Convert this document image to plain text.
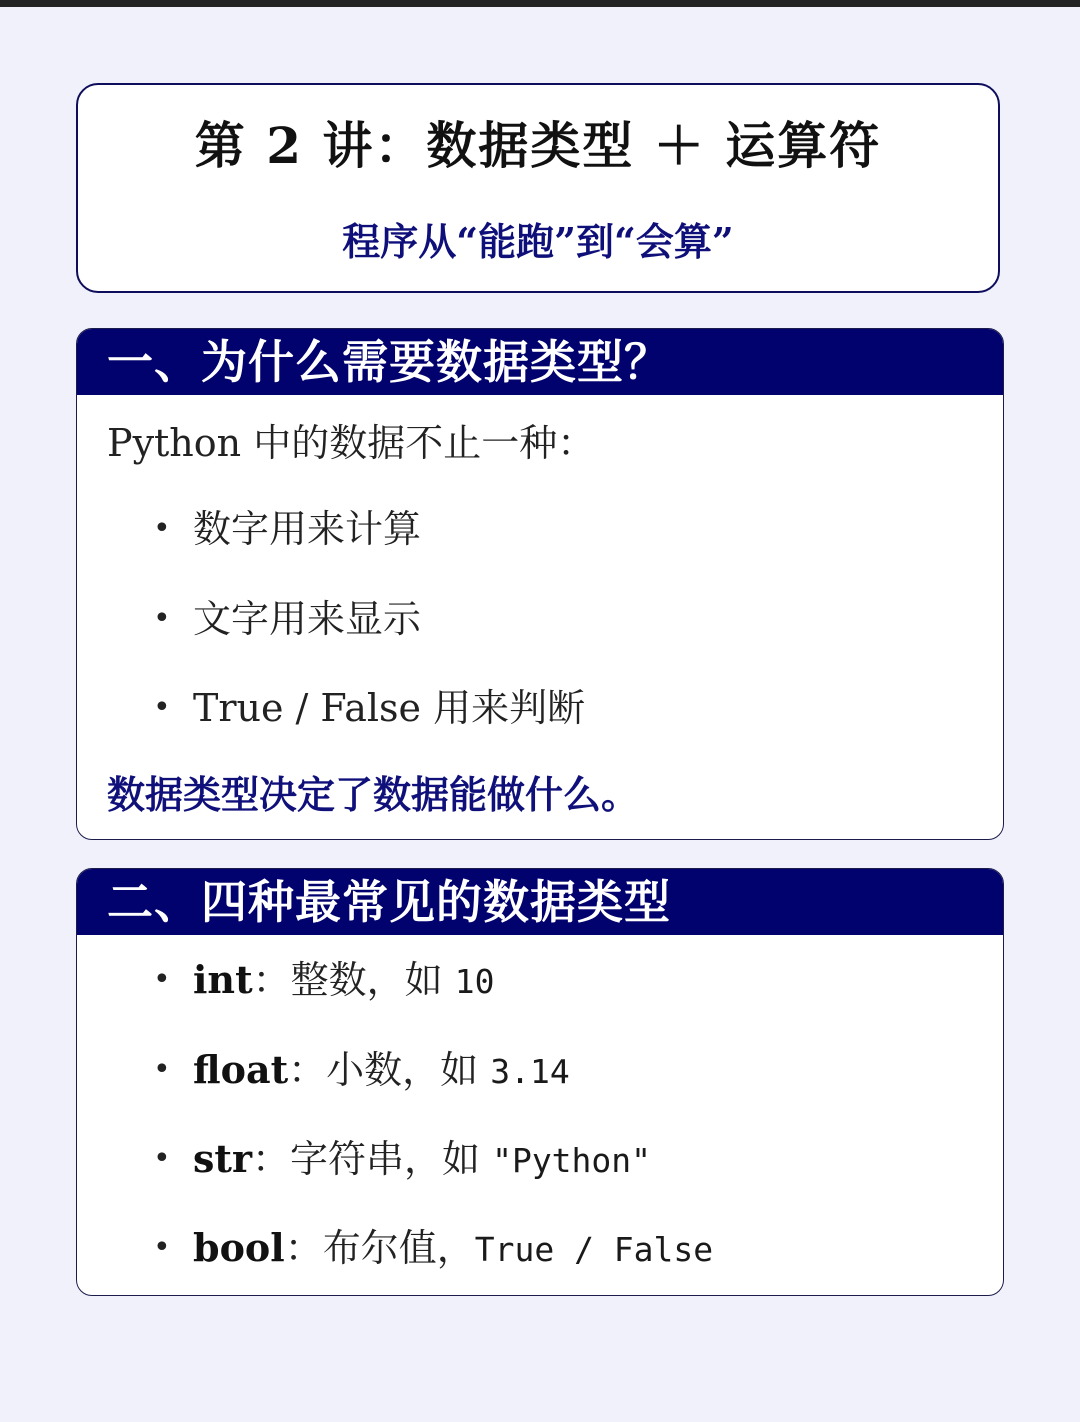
第 2 讲：数据类型 ＋ 运算符
程序从“能跑”到“会算”
一、为什么需要数据类型？
Python 中的数据不止一种：
• 数字用来计算
• 文字用来显示
• True / False 用来判断
数据类型决定了数据能做什么。
二、四种最常见的数据类型
• int：整数，如 10
• float：小数，如 3.14
• str：字符串，如 "Python"
• bool：布尔值，True / False
